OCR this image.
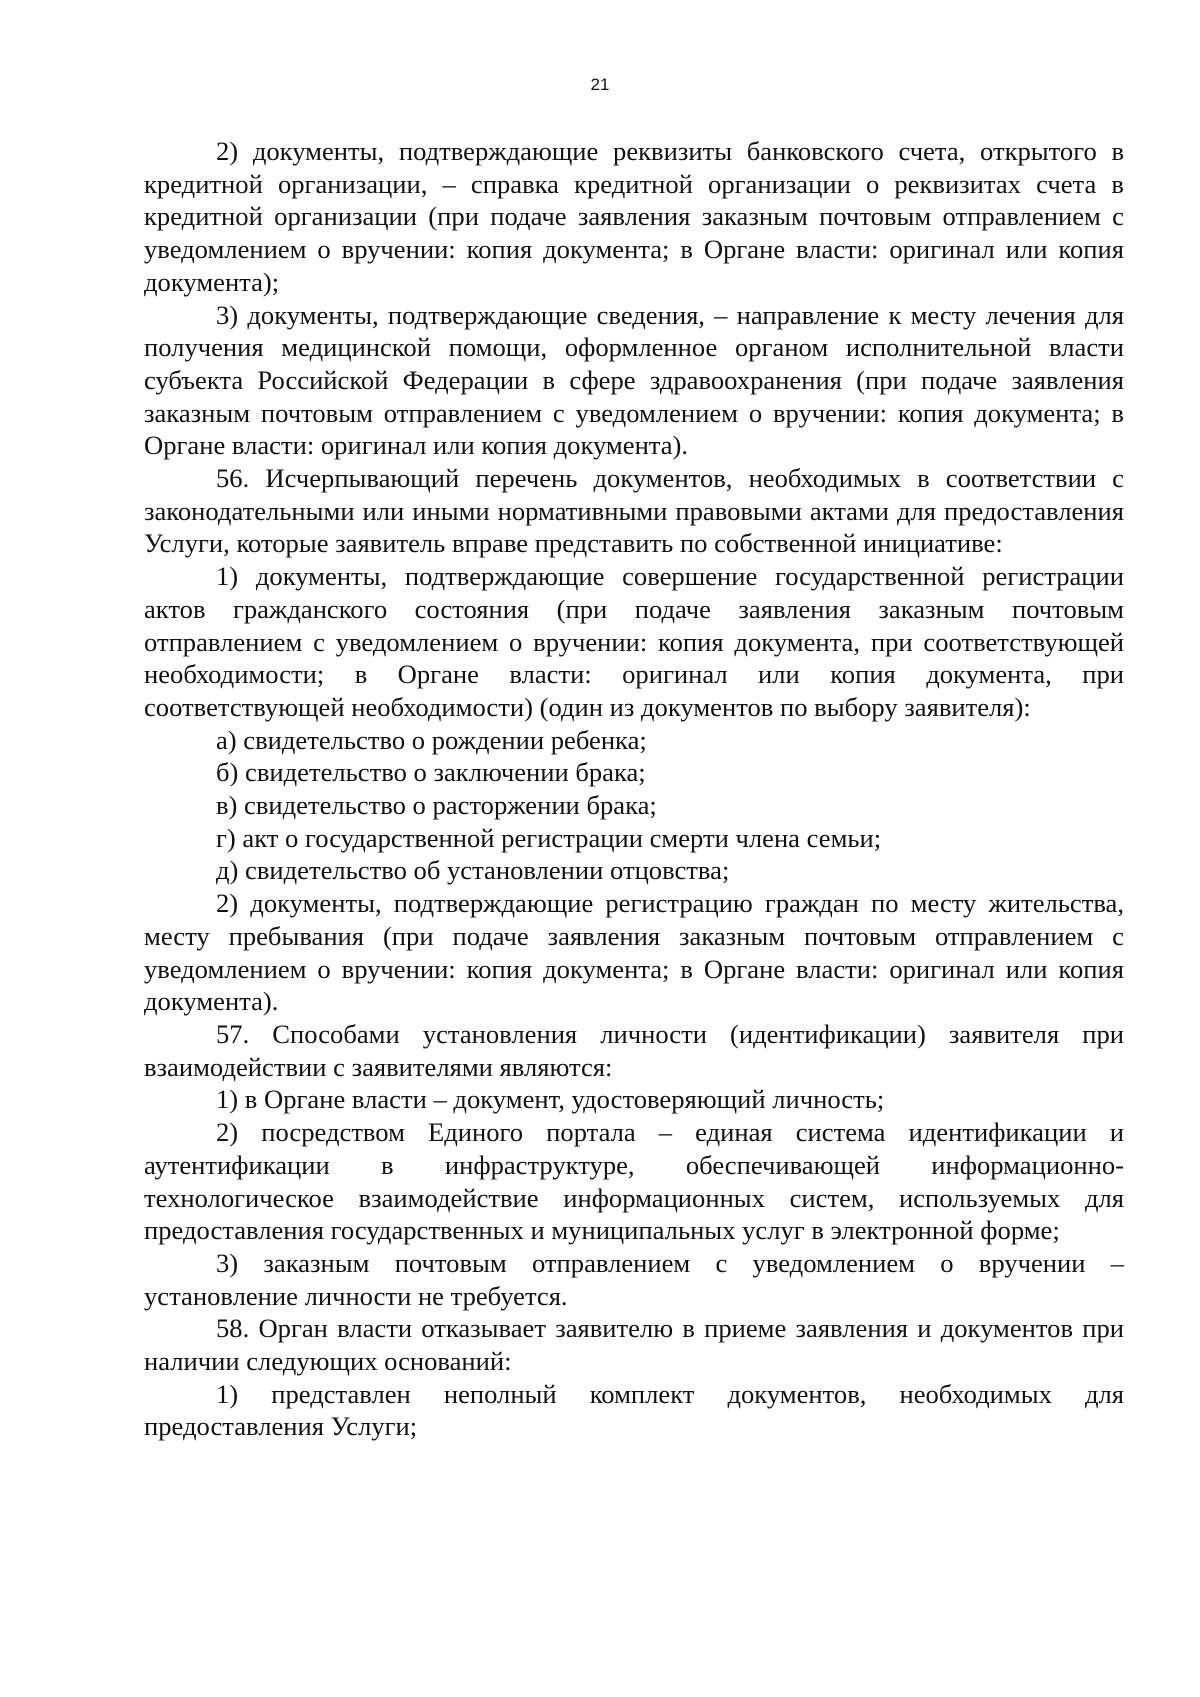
21

2) документы, подтверждающие реквизиты банковского счета, открытого в кредитной организации, – справка кредитной организации о реквизитах счета в кредитной организации (при подаче заявления заказным почтовым отправлением с уведомлением о вручении: копия документа; в Органе власти: оригинал или копия документа);

3) документы, подтверждающие сведения, – направление к месту лечения для получения медицинской помощи, оформленное органом исполнительной власти субъекта Российской Федерации в сфере здравоохранения (при подаче заявления заказным почтовым отправлением с уведомлением о вручении: копия документа; в Органе власти: оригинал или копия документа).

56. Исчерпывающий перечень документов, необходимых в соответствии с законодательными или иными нормативными правовыми актами для предоставления Услуги, которые заявитель вправе представить по собственной инициативе:

1) документы, подтверждающие совершение государственной регистрации актов гражданского состояния (при подаче заявления заказным почтовым отправлением с уведомлением о вручении: копия документа, при соответствующей необходимости; в Органе власти: оригинал или копия документа, при соответствующей необходимости) (один из документов по выбору заявителя):

а) свидетельство о рождении ребенка;

б) свидетельство о заключении брака;

в) свидетельство о расторжении брака;

г) акт о государственной регистрации смерти члена семьи;

д) свидетельство об установлении отцовства;

2) документы, подтверждающие регистрацию граждан по месту жительства, месту пребывания (при подаче заявления заказным почтовым отправлением с уведомлением о вручении: копия документа; в Органе власти: оригинал или копия документа).

57. Способами установления личности (идентификации) заявителя при взаимодействии с заявителями являются:

1) в Органе власти – документ, удостоверяющий личность;

2) посредством Единого портала – единая система идентификации и аутентификации в инфраструктуре, обеспечивающей информационно-технологическое взаимодействие информационных систем, используемых для предоставления государственных и муниципальных услуг в электронной форме;

3) заказным почтовым отправлением с уведомлением о вручении – установление личности не требуется.

58. Орган власти отказывает заявителю в приеме заявления и документов при наличии следующих оснований:

1) представлен неполный комплект документов, необходимых для предоставления Услуги;
